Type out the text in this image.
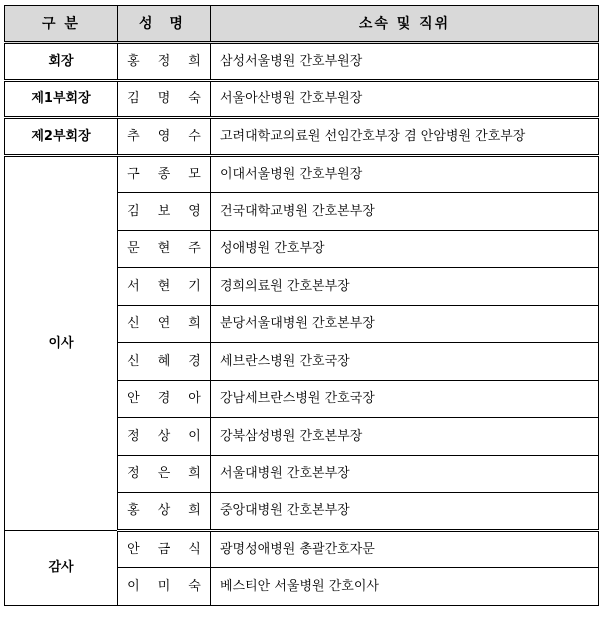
구 분	성 명	소속 및 직위
회장	홍정희	삼성서울병원 간호부원장
제1부회장	김명숙	서울아산병원 간호부원장
제2부회장	추영수	고려대학교의료원 선임간호부장 겸 안암병원 간호부장
이사	구종모	이대서울병원 간호부원장
	김보영	건국대학교병원 간호본부장
	문현주	성애병원 간호부장
	서현기	경희의료원 간호본부장
	신연희	분당서울대병원 간호본부장
	신혜경	세브란스병원 간호국장
	안경아	강남세브란스병원 간호국장
	정상이	강북삼성병원 간호본부장
	정은희	서울대병원 간호본부장
	홍상희	중앙대병원 간호본부장
감사	안금식	광명성애병원 총괄간호자문
	이미숙	베스티안 서울병원 간호이사
